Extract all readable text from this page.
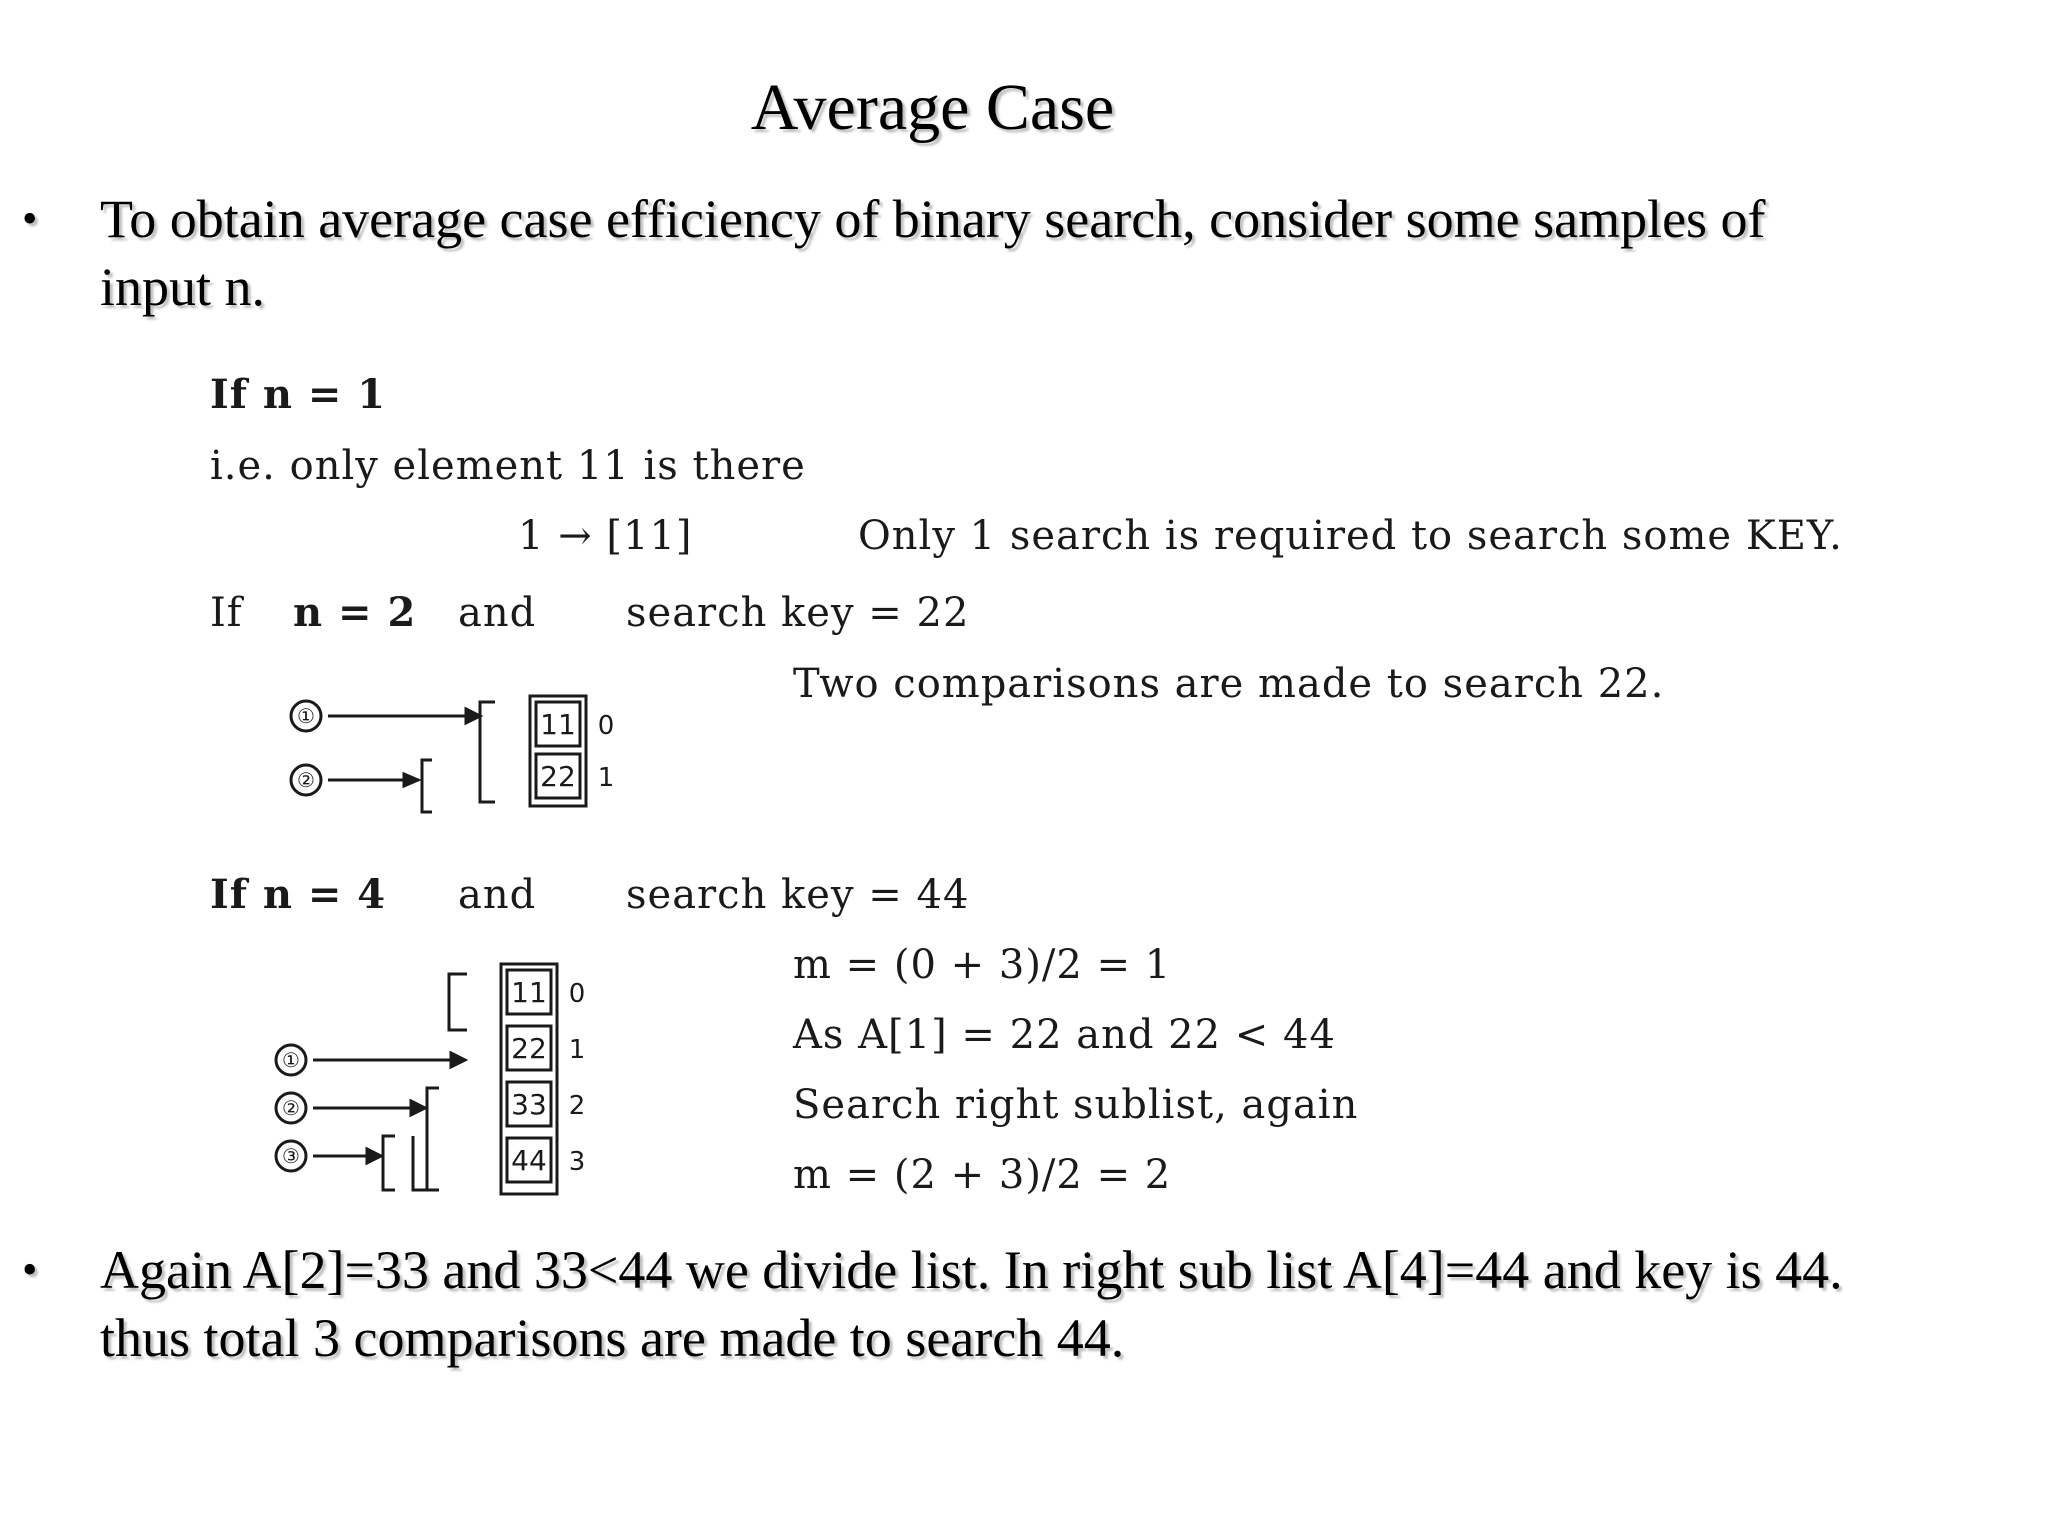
Average Case
•	To obtain average case efficiency of binary search, consider some samples of
input n.
If n = 1
i.e. only element 11 is there
1 → [11]	Only 1 search is required to search some KEY.
If n = 2 and search key = 22
Two comparisons are made to search 22.
①
②
11
22
0
1
If n = 4 and search key = 44
m = (0 + 3)/2 = 1
As A[1] = 22 and 22 < 44
Search right sublist, again
m = (2 + 3)/2 = 2
①
②
③
11
22
33
44
0
1
2
3
•	Again A[2]=33 and 33<44 we divide list. In right sub list A[4]=44 and key is 44.
thus total 3 comparisons are made to search 44.
